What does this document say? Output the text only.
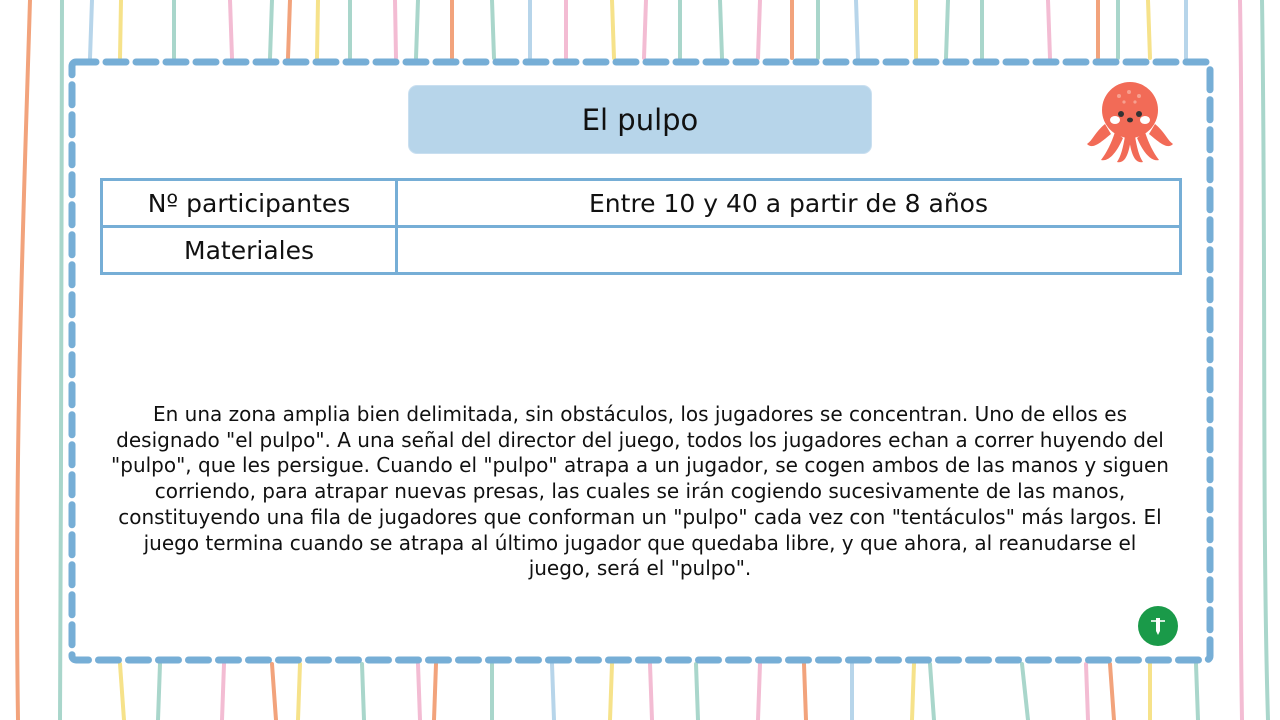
El pulpo
Nº participantes	Entre 10 y 40 a partir de 8 años
Materiales	

En una zona amplia bien delimitada, sin obstáculos, los jugadores se concentran. Uno de ellos es designado "el pulpo". A una señal del director del juego, todos los jugadores echan a correr huyendo del "pulpo", que les persigue. Cuando el "pulpo" atrapa a un jugador, se cogen ambos de las manos y siguen corriendo, para atrapar nuevas presas, las cuales se irán cogiendo sucesivamente de las manos, constituyendo una fila de jugadores que conforman un "pulpo" cada vez con "tentáculos" más largos. El juego termina cuando se atrapa al último jugador que quedaba libre, y que ahora, al reanudarse el juego, será el "pulpo".
